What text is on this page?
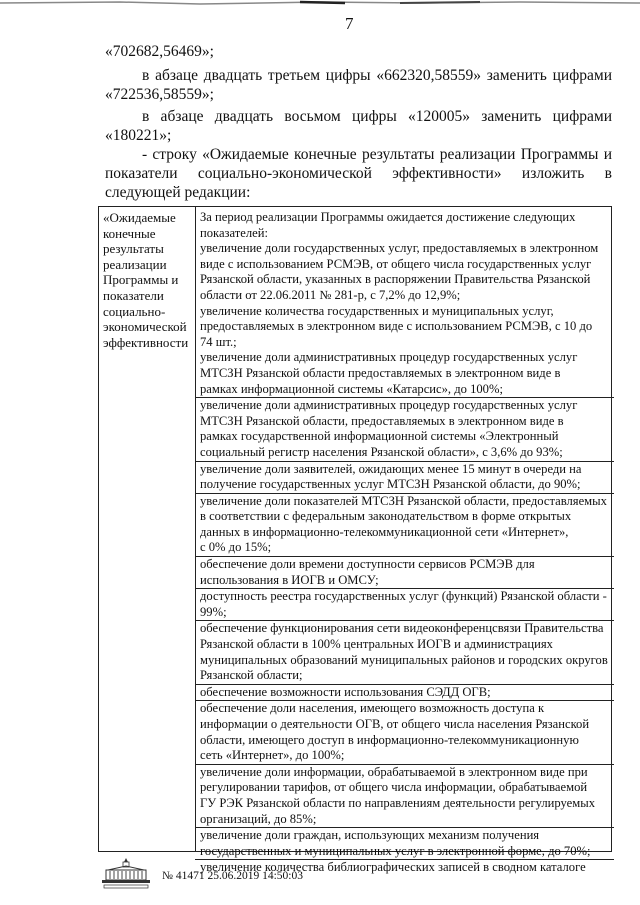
7
«702682,56469»;
в абзаце двадцать третьем цифры «662320,58559» заменить цифрами
«722536,58559»;
в абзаце двадцать восьмом цифры «120005» заменить цифрами
«180221»;
- строку «Ожидаемые конечные результаты реализации Программы и
показатели социально-экономической эффективности» изложить в
следующей редакции:
«Ожидаемые
конечные
результаты
реализации
Программы и
показатели
социально-
экономической
эффективности
За период реализации Программы ожидается достижение следующих
показателей:
увеличение доли государственных услуг, предоставляемых в электронном
виде с использованием РСМЭВ, от общего числа государственных услуг
Рязанской области, указанных в распоряжении Правительства Рязанской
области от 22.06.2011 № 281-р, с 7,2% до 12,9%;
увеличение количества государственных и муниципальных услуг,
предоставляемых в электронном виде с использованием РСМЭВ, с 10 до
74 шт.;
увеличение доли административных процедур государственных услуг
МТСЗН Рязанской области предоставляемых в электронном виде в
рамках информационной системы «Катарсис», до 100%;
увеличение доли административных процедур государственных услуг
МТСЗН Рязанской области, предоставляемых в электронном виде в
рамках государственной информационной системы «Электронный
социальный регистр населения Рязанской области», с 3,6% до 93%;
увеличение доли заявителей, ожидающих менее 15 минут в очереди на
получение государственных услуг МТСЗН Рязанской области, до 90%;
увеличение доли показателей МТСЗН Рязанской области, предоставляемых
в соответствии с федеральным законодательством в форме открытых
данных в информационно-телекоммуникационной сети «Интернет»,
с 0% до 15%;
обеспечение доли времени доступности сервисов РСМЭВ для
использования в ИОГВ и ОМСУ;
доступность реестра государственных услуг (функций) Рязанской области -
99%;
обеспечение функционирования сети видеоконференцсвязи Правительства
Рязанской области в 100% центральных ИОГВ и администрациях
муниципальных образований муниципальных районов и городских округов
Рязанской области;
обеспечение возможности использования СЭДД ОГВ;
обеспечение доли населения, имеющего возможность доступа к
информации о деятельности ОГВ, от общего числа населения Рязанской
области, имеющего доступ в информационно-телекоммуникационную
сеть «Интернет», до 100%;
увеличение доли информации, обрабатываемой в электронном виде при
регулировании тарифов, от общего числа информации, обрабатываемой
ГУ РЭК Рязанской области по направлениям деятельности регулируемых
организаций, до 85%;
увеличение доли граждан, использующих механизм получения
государственных и муниципальных услуг в электронной форме, до 70%;
увеличение количества библиографических записей в сводном каталоге
№ 41471 25.06.2019 14:50:03
